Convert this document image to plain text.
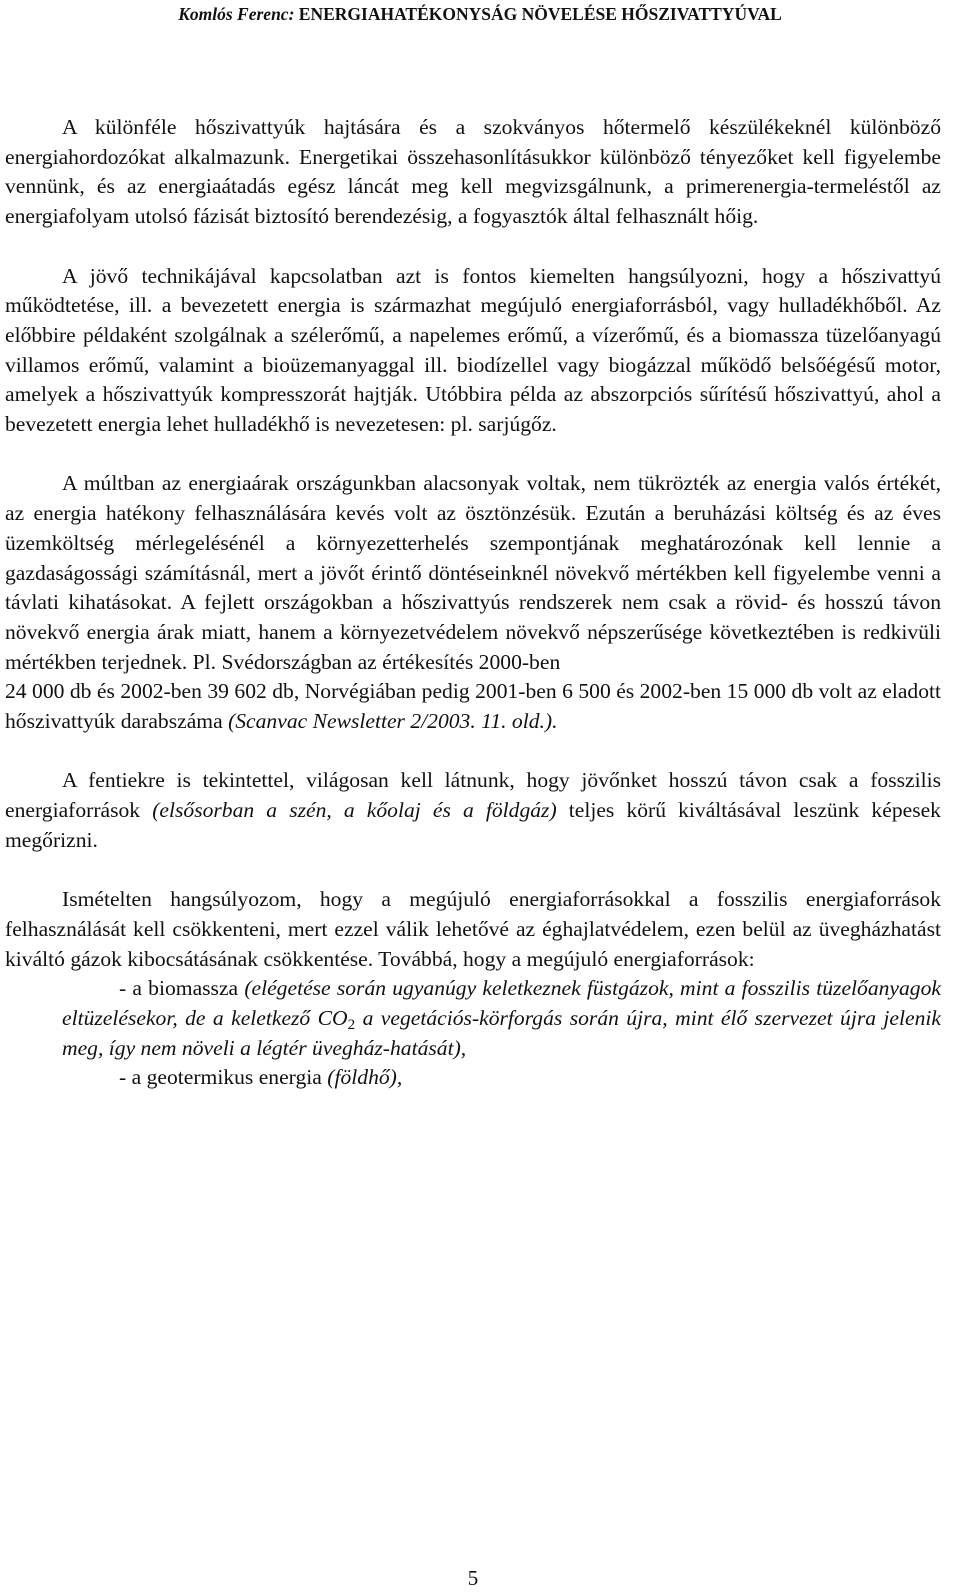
Komlós Ferenc: ENERGIAHATÉKONYSÁG NÖVELÉSE HŐSZIVATTYÚVAL

A különféle hőszivattyúk hajtására és a szokványos hőtermelő készülékeknél különböző energiahordozókat alkalmazunk. Energetikai összehasonlításukkor különböző tényezőket kell figyelembe vennünk, és az energiaátadás egész láncát meg kell megvizsgálnunk, a primerenergia-termeléstől az energiafolyam utolsó fázisát biztosító berendezésig, a fogyasztók által felhasznált hőig.

A jövő technikájával kapcsolatban azt is fontos kiemelten hangsúlyozni, hogy a hőszivattyú működtetése, ill. a bevezetett energia is származhat megújuló energiaforrásból, vagy hulladékhőből. Az előbbire példaként szolgálnak a szélerőmű, a napelemes erőmű, a vízerőmű, és a biomassza tüzelőanyagú villamos erőmű, valamint a bioüzemanyaggal ill. biodízellel vagy biogázzal működő belsőégésű motor, amelyek a hőszivattyúk kompresszorát hajtják. Utóbbira példa az abszorpciós sűrítésű hőszivattyú, ahol a bevezetett energia lehet hulladékhő is nevezetesen: pl. sarjúgőz.

A múltban az energiaárak országunkban alacsonyak voltak, nem tükrözték az energia valós értékét, az energia hatékony felhasználására kevés volt az ösztönzésük. Ezután a beruházási költség és az éves üzemköltség mérlegelésénél a környezetterhelés szempontjának meghatározónak kell lennie a gazdaságossági számításnál, mert a jövőt érintő döntéseinknél növekvő mértékben kell figyelembe venni a távlati kihatásokat. A fejlett országokban a hőszivattyús rendszerek nem csak a rövid- és hosszú távon növekvő energia árak miatt, hanem a környezetvédelem növekvő népszerűsége következtében is redkivüli mértékben terjednek. Pl. Svédországban az értékesítés 2000-ben

24 000 db és 2002-ben 39 602 db, Norvégiában pedig 2001-ben 6 500 és 2002-ben 15 000 db volt az eladott hőszivattyúk darabszáma (Scanvac Newsletter 2/2003. 11. old.).

A fentiekre is tekintettel, világosan kell látnunk, hogy jövőnket hosszú távon csak a fosszilis energiaforrások (elsősorban a szén, a kőolaj és a földgáz) teljes körű kiváltásával leszünk képesek megőrizni.

Ismételten hangsúlyozom, hogy a megújuló energiaforrásokkal a fosszilis energiaforrások felhasználását kell csökkenteni, mert ezzel válik lehetővé az éghajlatvédelem, ezen belül az üvegházhatást kiváltó gázok kibocsátásának csökkentése. Továbbá, hogy a megújuló energiaforrások:

- a biomassza (elégetése során ugyanúgy keletkeznek füstgázok, mint a fosszilis tüzelőanyagok eltüzelésekor, de a keletkező $CO_2$ a vegetációs-körforgás során újra, mint élő szervezet újra jelenik meg, így nem növeli a légtér üvegház-hatását),

- a geotermikus energia (földhő),

5
